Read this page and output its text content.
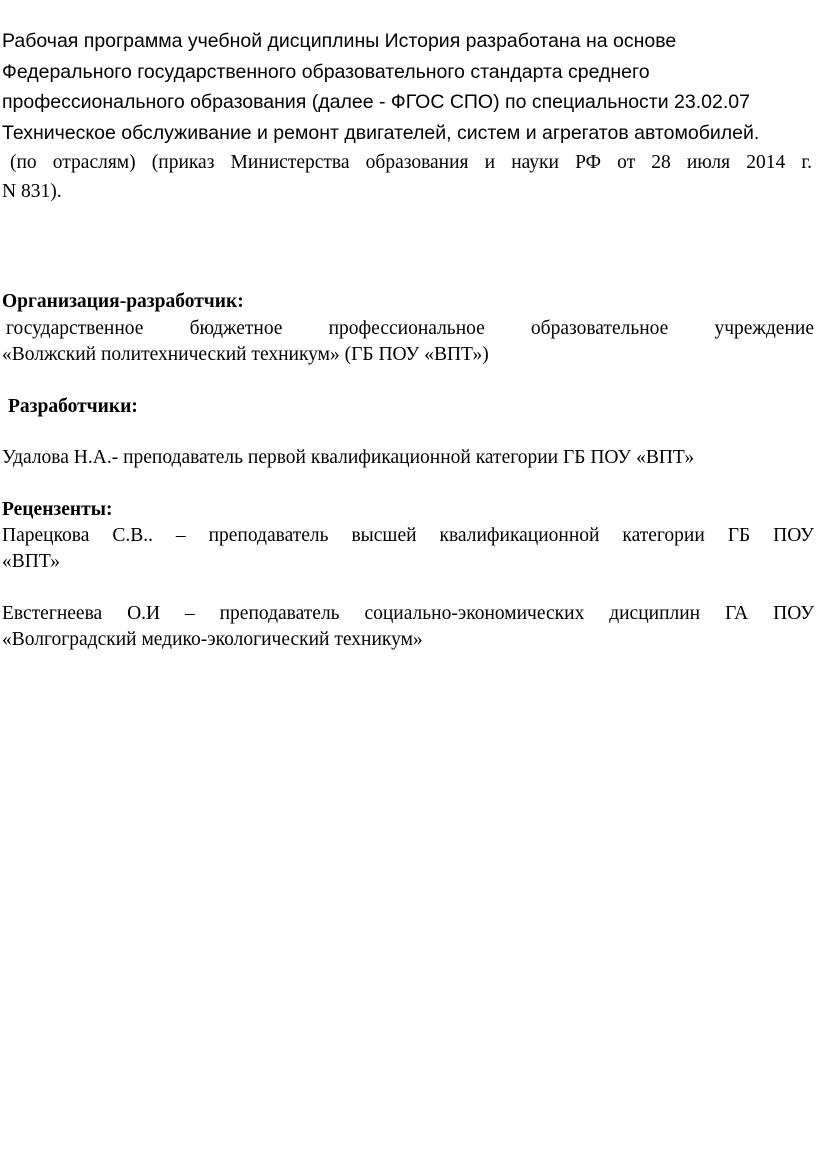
Рабочая программа учебной дисциплины История разработана на основе
Федерального государственного образовательного стандарта среднего
профессионального образования (далее - ФГОС СПО) по специальности 23.02.07
Техническое обслуживание и ремонт двигателей, систем и агрегатов автомобилей.
(по отраслям) (приказ Министерства образования и науки РФ от 28 июля 2014 г.
N 831).
Организация-разработчик:
государственное бюджетное профессиональное образовательное учреждение
«Волжский политехнический техникум» (ГБ ПОУ «ВПТ»)
Разработчики:
Удалова Н.А.- преподаватель первой квалификационной категории ГБ ПОУ «ВПТ»
Рецензенты:
Парецкова С.В.. – преподаватель высшей квалификационной категории ГБ ПОУ
«ВПТ»
Евстегнеева О.И – преподаватель социально-экономических дисциплин ГА ПОУ
«Волгоградский медико-экологический техникум»
